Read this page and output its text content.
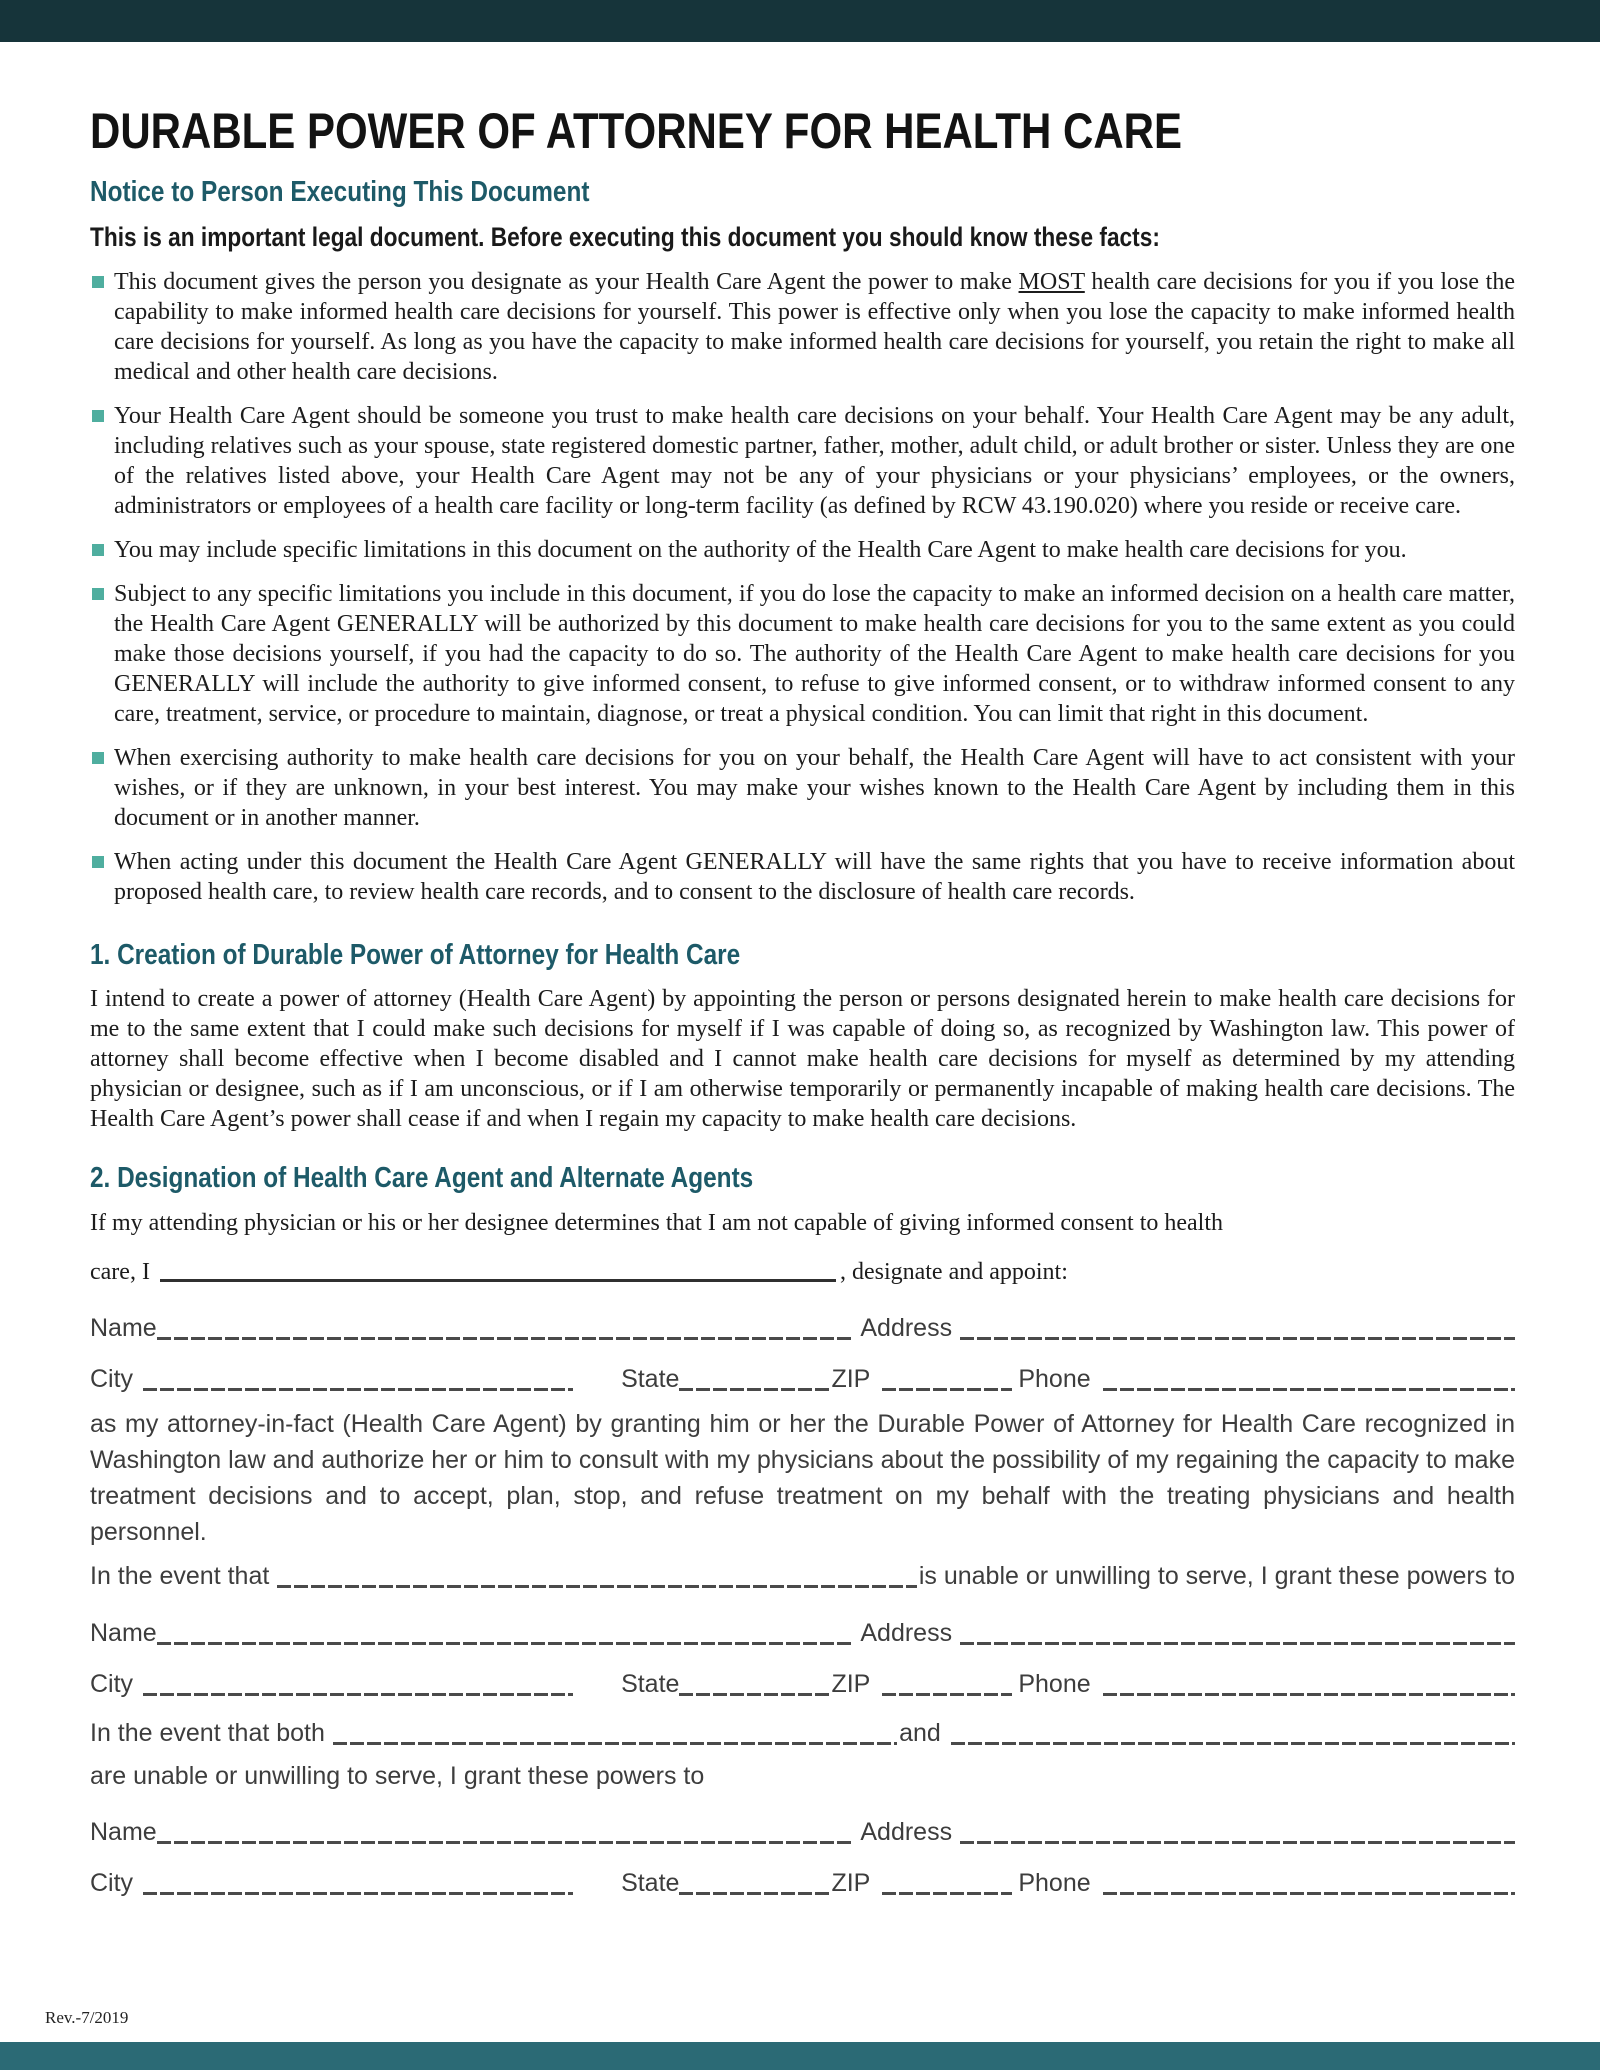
DURABLE POWER OF ATTORNEY FOR HEALTH CARE
Notice to Person Executing This Document
This is an important legal document. Before executing this document you should know these facts:
This document gives the person you designate as your Health Care Agent the power to make MOST health care decisions for you if you lose the capability to make informed health care decisions for yourself. This power is effective only when you lose the capacity to make informed health care decisions for yourself. As long as you have the capacity to make informed health care decisions for yourself, you retain the right to make all medical and other health care decisions.
Your Health Care Agent should be someone you trust to make health care decisions on your behalf. Your Health Care Agent may be any adult, including relatives such as your spouse, state registered domestic partner, father, mother, adult child, or adult brother or sister. Unless they are one of the relatives listed above, your Health Care Agent may not be any of your physicians or your physicians’ employees, or the owners, administrators or employees of a health care facility or long-term facility (as defined by RCW 43.190.020) where you reside or receive care.
You may include specific limitations in this document on the authority of the Health Care Agent to make health care decisions for you.
Subject to any specific limitations you include in this document, if you do lose the capacity to make an informed decision on a health care matter, the Health Care Agent GENERALLY will be authorized by this document to make health care decisions for you to the same extent as you could make those decisions yourself, if you had the capacity to do so. The authority of the Health Care Agent to make health care decisions for you GENERALLY will include the authority to give informed consent, to refuse to give informed consent, or to withdraw informed consent to any care, treatment, service, or procedure to maintain, diagnose, or treat a physical condition. You can limit that right in this document.
When exercising authority to make health care decisions for you on your behalf, the Health Care Agent will have to act consistent with your wishes, or if they are unknown, in your best interest. You may make your wishes known to the Health Care Agent by including them in this document or in another manner.
When acting under this document the Health Care Agent GENERALLY will have the same rights that you have to receive information about proposed health care, to review health care records, and to consent to the disclosure of health care records.
1. Creation of Durable Power of Attorney for Health Care

I intend to create a power of attorney (Health Care Agent) by appointing the person or persons designated herein to make health care decisions for me to the same extent that I could make such decisions for myself if I was capable of doing so, as recognized by Washington law. This power of attorney shall become effective when I become disabled and I cannot make health care decisions for myself as determined by my attending physician or designee, such as if I am unconscious, or if I am otherwise temporarily or permanently incapable of making health care decisions. The Health Care Agent’s power shall cease if and when I regain my capacity to make health care decisions.

2. Designation of Health Care Agent and Alternate Agents

If my attending physician or his or her designee determines that I am not capable of giving informed consent to health

care, I	, designate and appoint:
Name	Address
City	State	ZIP	Phone

as my attorney-in-fact (Health Care Agent) by granting him or her the Durable Power of Attorney for Health Care recognized in Washington law and authorize her or him to consult with my physicians about the possibility of my regaining the capacity to make treatment decisions and to accept, plan, stop, and refuse treatment on my behalf with the treating physicians and health personnel.

In the event that	is unable or unwilling to serve, I grant these powers to
Name	Address
City	State	ZIP	Phone
In the event that both	and

are unable or unwilling to serve, I grant these powers to

Name	Address
City	State	ZIP	Phone
Rev.-7/2019
